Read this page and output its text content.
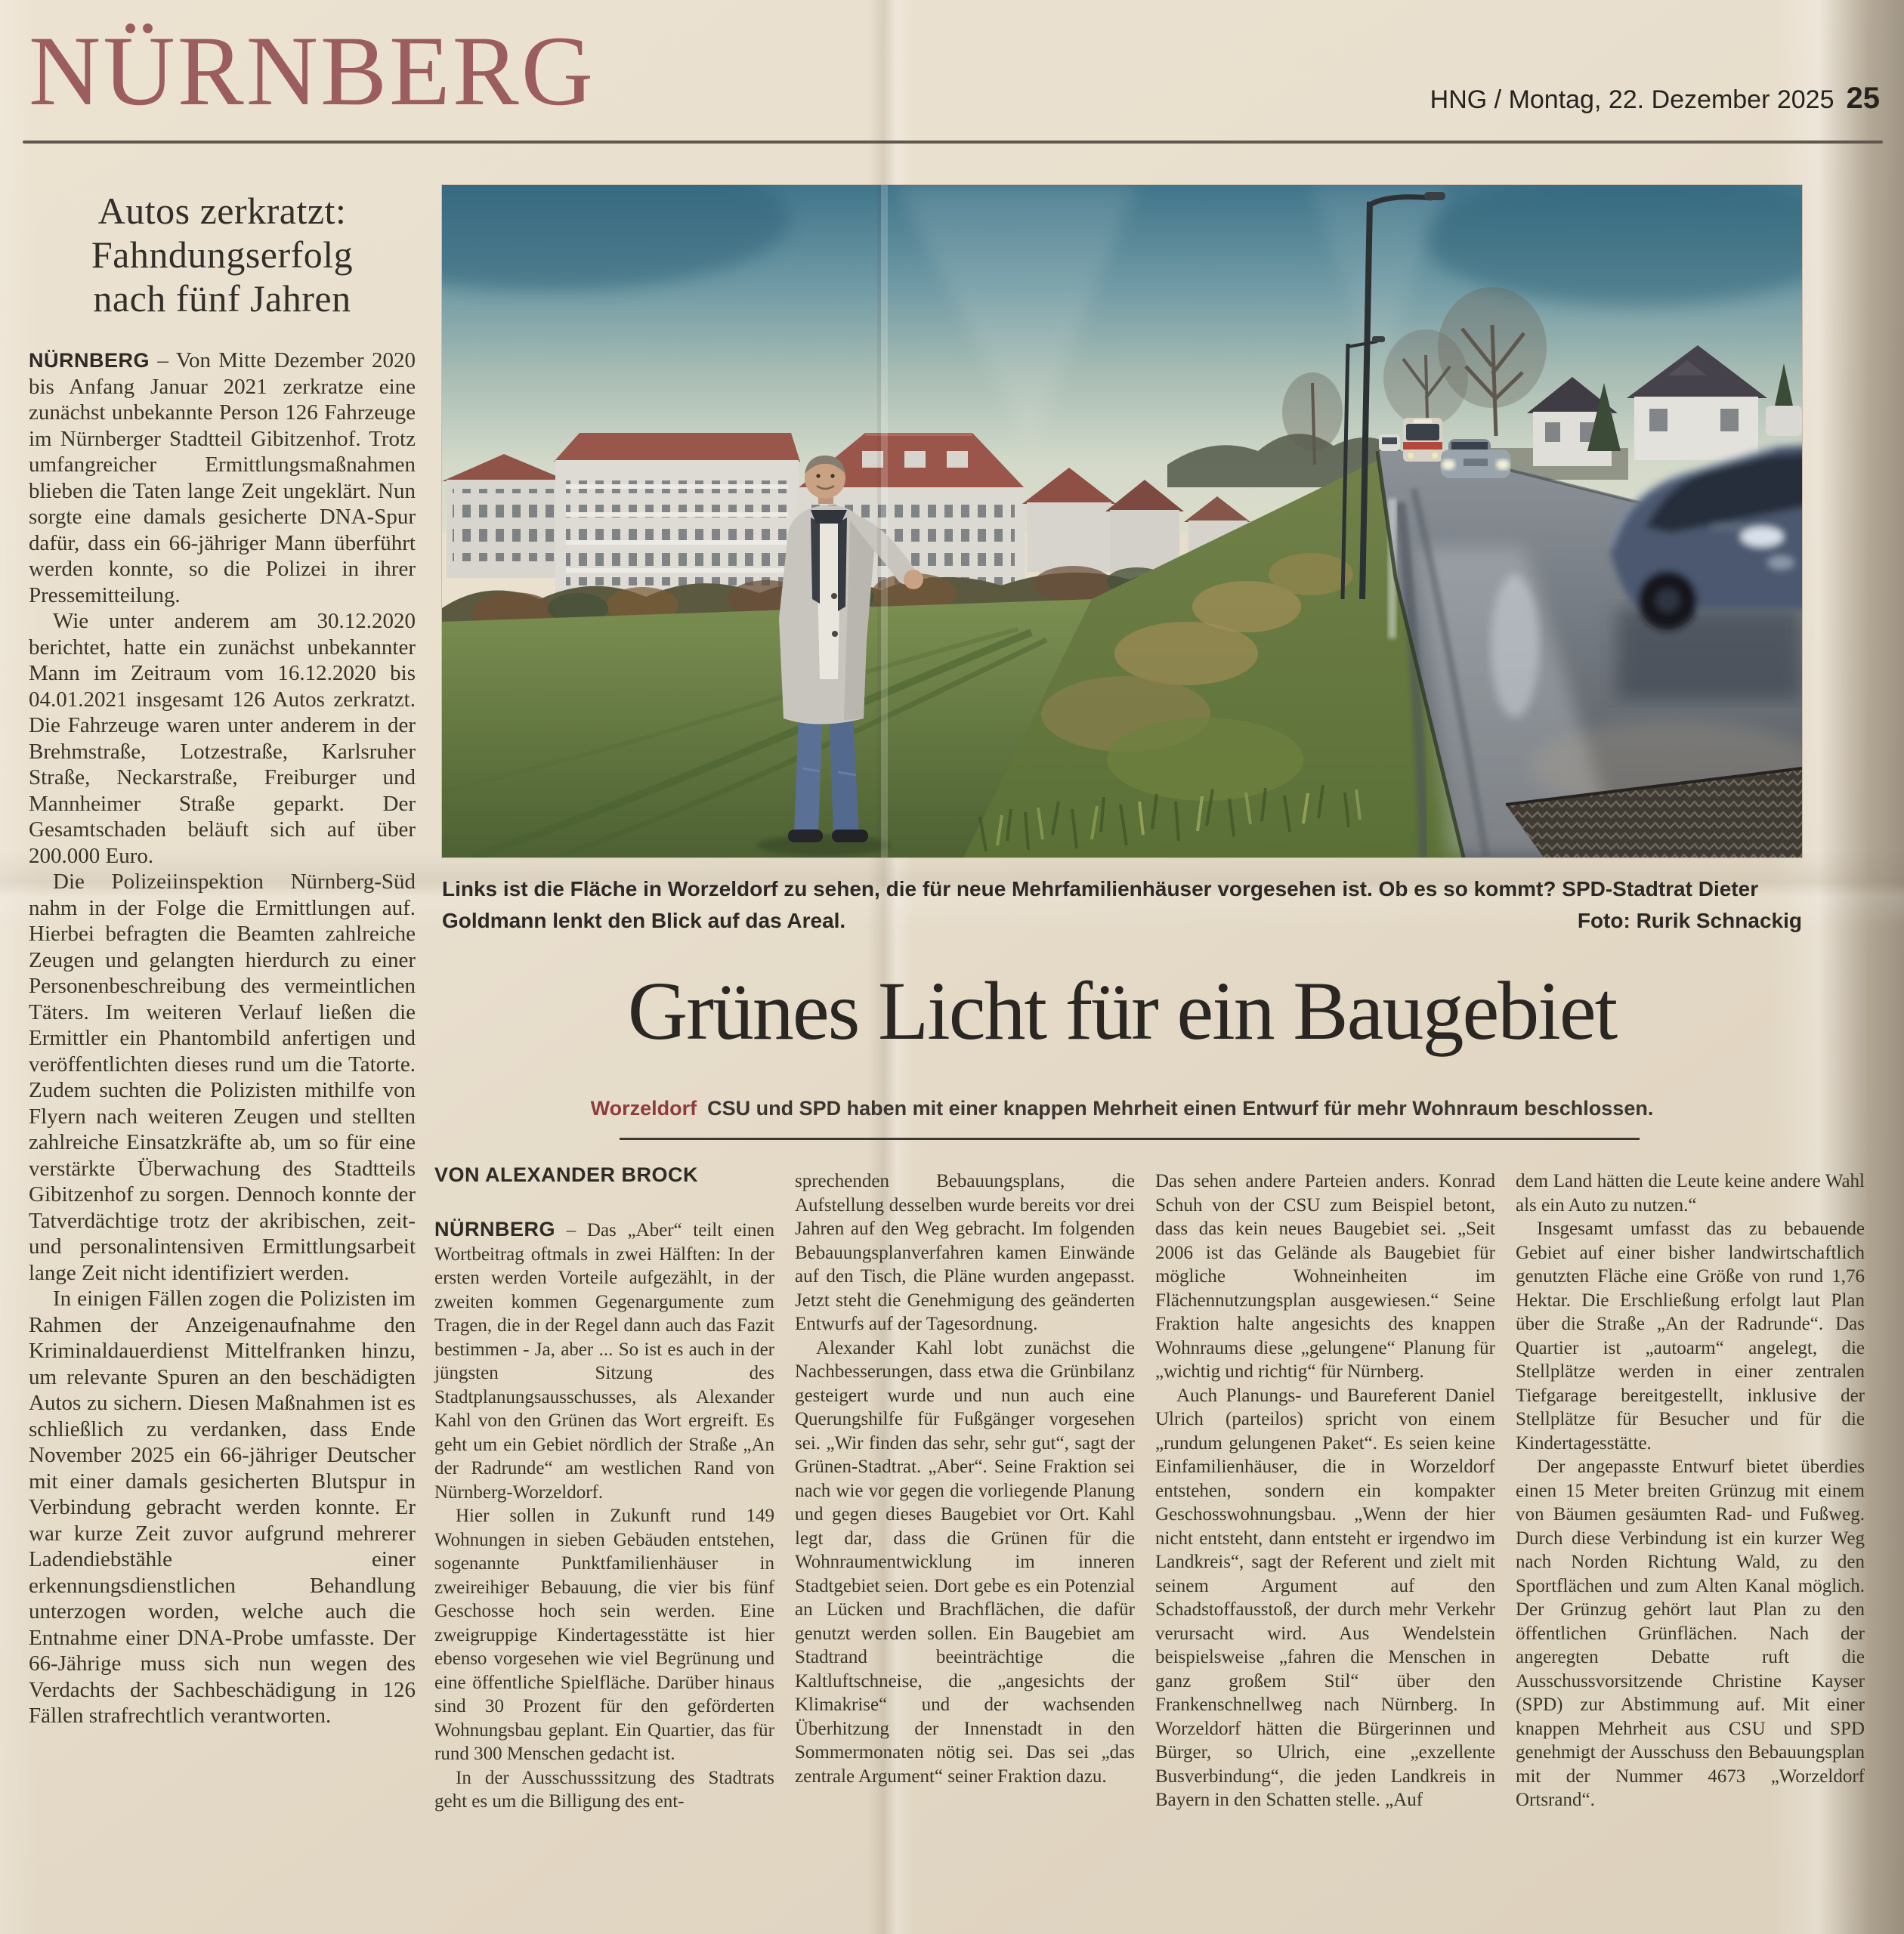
NÜRNBERG	HNG / Montag, 22. Dezember 2025 25
Autos zerkratzt:
Fahndungserfolg
nach fünf Jahren

NÜRNBERG – Von Mitte Dezember 2020 bis Anfang Januar 2021 zerkratze eine zunächst unbekannte Person 126 Fahrzeuge im Nürnberger Stadtteil Gibitzenhof. Trotz umfangreicher Ermittlungsmaßnahmen blieben die Taten lange Zeit ungeklärt. Nun sorgte eine damals gesicherte DNA-Spur dafür, dass ein 66-jähriger Mann überführt werden konnte, so die Polizei in ihrer Pressemitteilung.

Wie unter anderem am 30.12.2020 berichtet, hatte ein zunächst unbekannter Mann im Zeitraum vom 16.12.2020 bis 04.01.2021 insgesamt 126 Autos zerkratzt. Die Fahrzeuge waren unter anderem in der Brehmstraße, Lotzestraße, Karlsruher Straße, Neckarstraße, Freiburger und Mannheimer Straße geparkt. Der Gesamtschaden beläuft sich auf über 200.000 Euro.

Die Polizeiinspektion Nürnberg-Süd nahm in der Folge die Ermittlungen auf. Hierbei befragten die Beamten zahlreiche Zeugen und gelangten hierdurch zu einer Personenbeschreibung des vermeintlichen Täters. Im weiteren Verlauf ließen die Ermittler ein Phantombild anfertigen und veröffentlichten dieses rund um die Tatorte. Zudem suchten die Polizisten mithilfe von Flyern nach weiteren Zeugen und stellten zahlreiche Einsatzkräfte ab, um so für eine verstärkte Überwachung des Stadtteils Gibitzenhof zu sorgen. Dennoch konnte der Tatverdächtige trotz der akribischen, zeit- und personalintensiven Ermittlungsarbeit lange Zeit nicht identifiziert werden.

In einigen Fällen zogen die Polizisten im Rahmen der Anzeigenaufnahme den Kriminaldauerdienst Mittelfranken hinzu, um relevante Spuren an den beschädigten Autos zu sichern. Diesen Maßnahmen ist es schließlich zu verdanken, dass Ende November 2025 ein 66-jähriger Deutscher mit einer damals gesicherten Blutspur in Verbindung gebracht werden konnte. Er war kurze Zeit zuvor aufgrund mehrerer Ladendiebstähle einer erkennungsdienstlichen Behandlung unterzogen worden, welche auch die Entnahme einer DNA-Probe umfasste. Der 66-Jährige muss sich nun wegen des Verdachts der Sachbeschädigung in 126 Fällen strafrechtlich verantworten.

Links ist die Fläche in Worzeldorf zu sehen, die für neue Mehrfamilienhäuser vorgesehen ist. Ob es so kommt? SPD-Stadtrat Dieter Goldmann lenkt den Blick auf das Areal.	Foto: Rurik Schnackig
Grünes Licht für ein Baugebiet
Worzeldorf CSU und SPD haben mit einer knappen Mehrheit einen Entwurf für mehr Wohnraum beschlossen.
VON ALEXANDER BROCK

NÜRNBERG – Das „Aber“ teilt einen Wortbeitrag oftmals in zwei Hälften: In der ersten werden Vorteile aufgezählt, in der zweiten kommen Gegenargumente zum Tragen, die in der Regel dann auch das Fazit bestimmen - Ja, aber ... So ist es auch in der jüngsten Sitzung des Stadtplanungsausschusses, als Alexander Kahl von den Grünen das Wort ergreift. Es geht um ein Gebiet nördlich der Straße „An der Radrunde“ am westlichen Rand von Nürnberg-Worzeldorf.

Hier sollen in Zukunft rund 149 Wohnungen in sieben Gebäuden entstehen, sogenannte Punktfamilienhäuser in zweireihiger Bebauung, die vier bis fünf Geschosse hoch sein werden. Eine zweigruppige Kindertagesstätte ist hier ebenso vorgesehen wie viel Begrünung und eine öffentliche Spielfläche. Darüber hinaus sind 30 Prozent für den geförderten Wohnungsbau geplant. Ein Quartier, das für rund 300 Menschen gedacht ist.

In der Ausschusssitzung des Stadtrats geht es um die Billigung des ent-

sprechenden Bebauungsplans, die Aufstellung desselben wurde bereits vor drei Jahren auf den Weg gebracht. Im folgenden Bebauungsplanverfahren kamen Einwände auf den Tisch, die Pläne wurden angepasst. Jetzt steht die Genehmigung des geänderten Entwurfs auf der Tagesordnung.

Alexander Kahl lobt zunächst die Nachbesserungen, dass etwa die Grünbilanz gesteigert wurde und nun auch eine Querungshilfe für Fußgänger vorgesehen sei. „Wir finden das sehr, sehr gut“, sagt der Grünen-Stadtrat. „Aber“. Seine Fraktion sei nach wie vor gegen die vorliegende Planung und gegen dieses Baugebiet vor Ort. Kahl legt dar, dass die Grünen für die Wohnraumentwicklung im inneren Stadtgebiet seien. Dort gebe es ein Potenzial an Lücken und Brachflächen, die dafür genutzt werden sollen. Ein Baugebiet am Stadtrand beeinträchtige die Kaltluftschneise, die „angesichts der Klimakrise“ und der wachsenden Überhitzung der Innenstadt in den Sommermonaten nötig sei. Das sei „das zentrale Argument“ seiner Fraktion dazu.

Das sehen andere Parteien anders. Konrad Schuh von der CSU zum Beispiel betont, dass das kein neues Baugebiet sei. „Seit 2006 ist das Gelände als Baugebiet für mögliche Wohneinheiten im Flächennutzungsplan ausgewiesen.“ Seine Fraktion halte angesichts des knappen Wohnraums diese „gelungene“ Planung für „wichtig und richtig“ für Nürnberg.

Auch Planungs- und Baureferent Daniel Ulrich (parteilos) spricht von einem „rundum gelungenen Paket“. Es seien keine Einfamilienhäuser, die in Worzeldorf entstehen, sondern ein kompakter Geschosswohnungsbau. „Wenn der hier nicht entsteht, dann entsteht er irgendwo im Landkreis“, sagt der Referent und zielt mit seinem Argument auf den Schadstoffausstoß, der durch mehr Verkehr verursacht wird. Aus Wendelstein beispielsweise „fahren die Menschen in ganz großem Stil“ über den Frankenschnellweg nach Nürnberg. In Worzeldorf hätten die Bürgerinnen und Bürger, so Ulrich, eine „exzellente Busverbindung“, die jeden Landkreis in Bayern in den Schatten stelle. „Auf

dem Land hätten die Leute keine andere Wahl als ein Auto zu nutzen.“

Insgesamt umfasst das zu bebauende Gebiet auf einer bisher landwirtschaftlich genutzten Fläche eine Größe von rund 1,76 Hektar. Die Erschließung erfolgt laut Plan über die Straße „An der Radrunde“. Das Quartier ist „autoarm“ angelegt, die Stellplätze werden in einer zentralen Tiefgarage bereitgestellt, inklusive der Stellplätze für Besucher und für die Kindertagesstätte.

Der angepasste Entwurf bietet überdies einen 15 Meter breiten Grünzug mit einem von Bäumen gesäumten Rad- und Fußweg. Durch diese Verbindung ist ein kurzer Weg nach Norden Richtung Wald, zu den Sportflächen und zum Alten Kanal möglich. Der Grünzug gehört laut Plan zu den öffentlichen Grünflächen. Nach der angeregten Debatte ruft die Ausschussvorsitzende Christine Kayser (SPD) zur Abstimmung auf. Mit einer knappen Mehrheit aus CSU und SPD genehmigt der Ausschuss den Bebauungsplan mit der Nummer 4673 „Worzeldorf Ortsrand“.
